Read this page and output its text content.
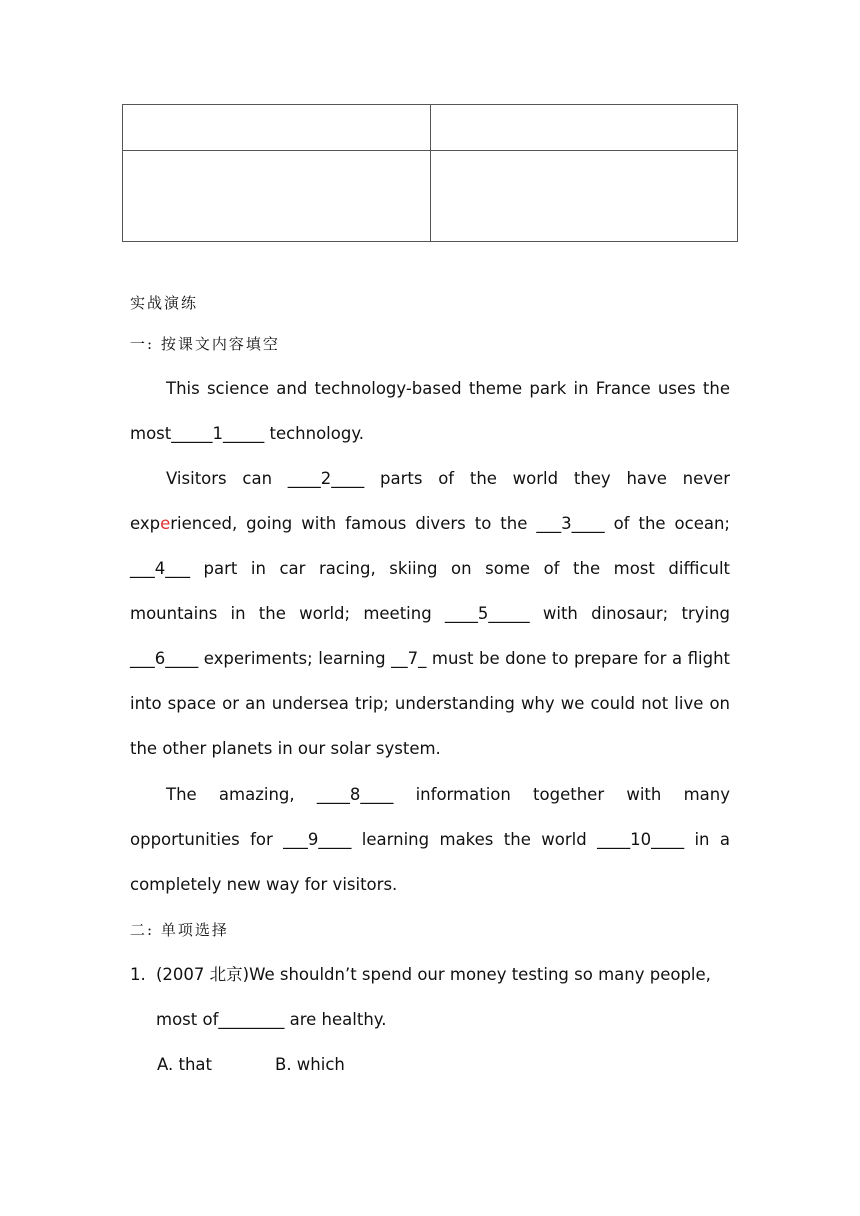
实战演练
一: 按课文内容填空

This science and technology-based theme park in France uses the most_____1_____ technology.

Visitors can ____2____ parts of the world they have never experienced, going with famous divers to the ___3____ of the ocean; ___4___ part in car racing, skiing on some of the most difficult mountains in the world; meeting ____5_____ with dinosaur; trying ___6____ experiments; learning __7_ must be done to prepare for a flight into space or an undersea trip; understanding why we could not live on the other planets in our solar system.

The amazing, ____8____ information together with many opportunities for ___9____ learning makes the world ____10____ in a completely new way for visitors.

二: 单项选择
1. (2007 北京)We shouldn’t spend our money testing so many people, most of________ are healthy.
A. that	B. which
